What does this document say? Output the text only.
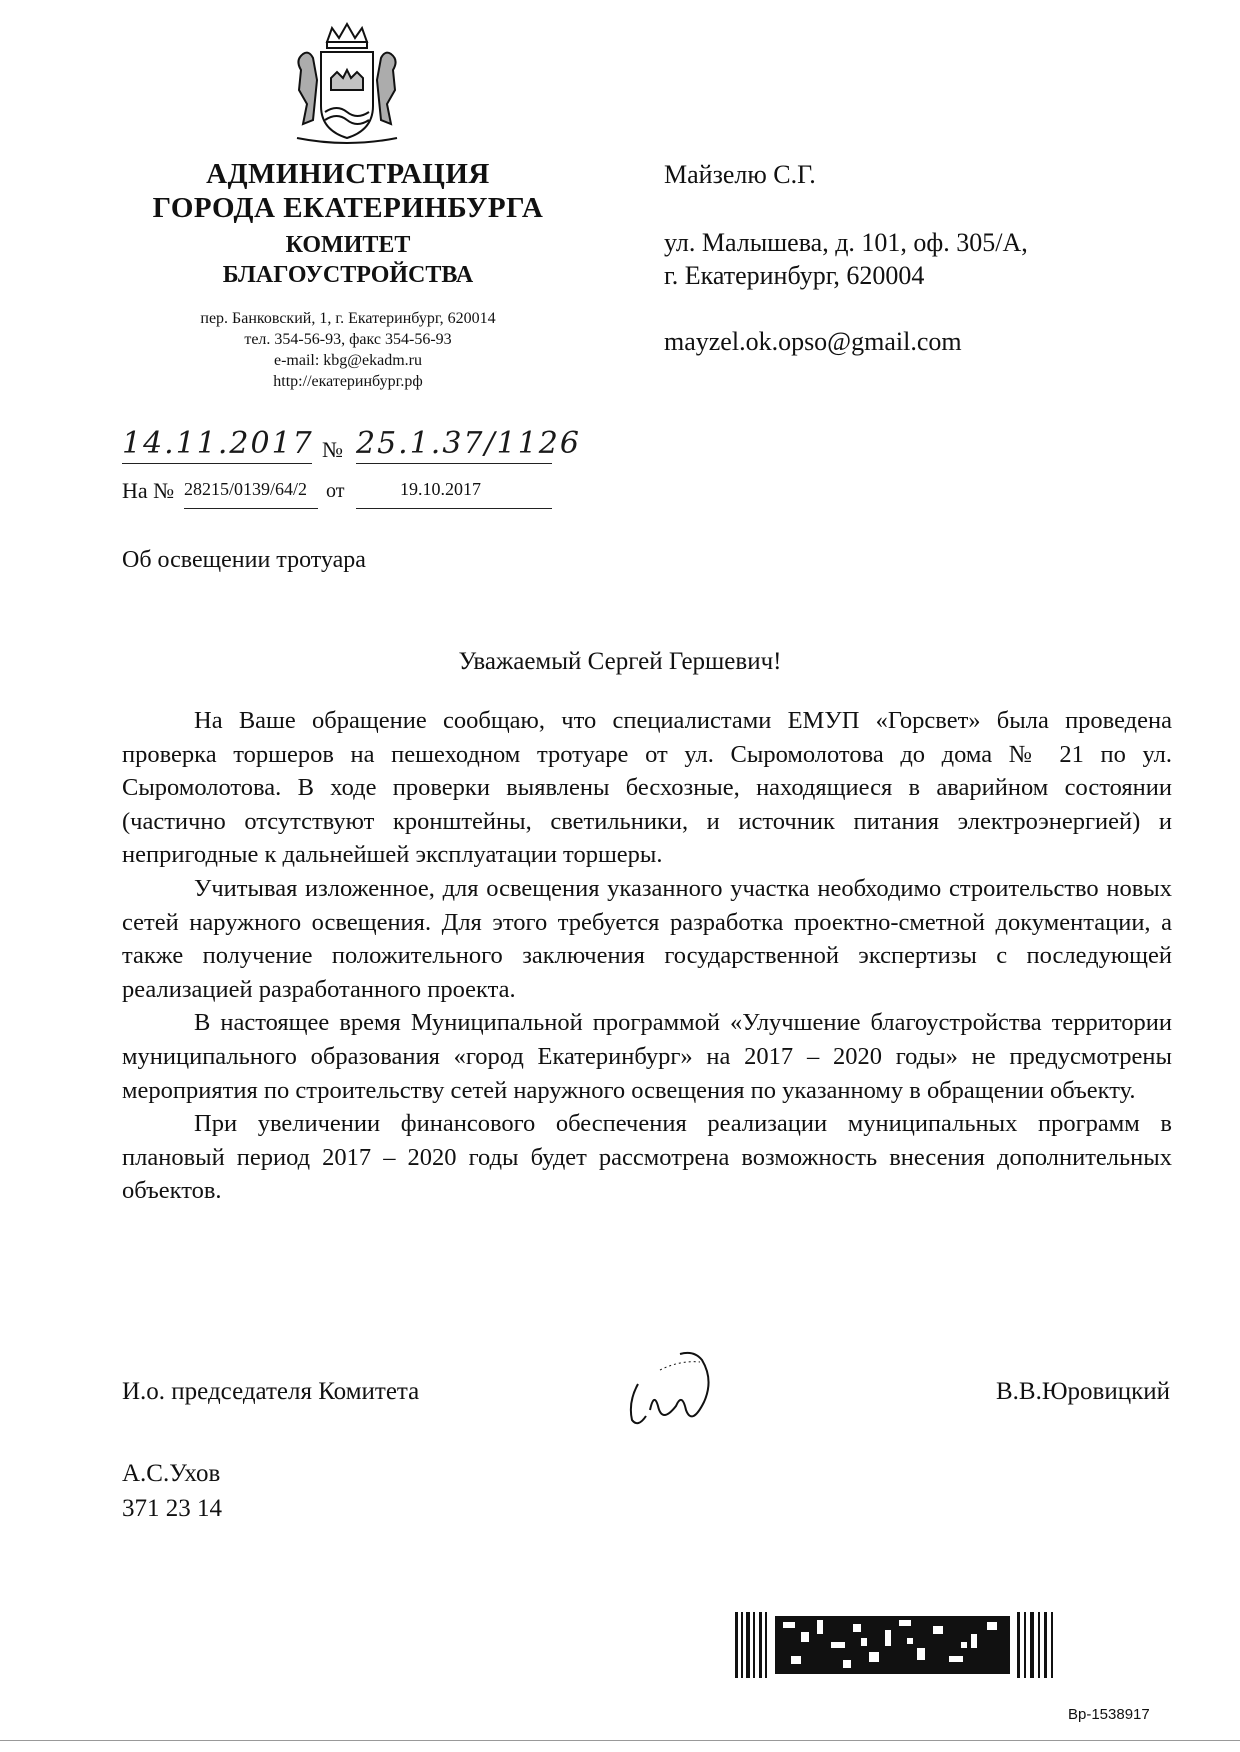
АДМИНИСТРАЦИЯ
ГОРОДА ЕКАТЕРИНБУРГА
КОМИТЕТ
БЛАГОУСТРОЙСТВА
пер. Банковский, 1, г. Екатеринбург, 620014
тел. 354-56-93, факс 354-56-93
e-mail: kbg@ekadm.ru
http://екатеринбург.рф
14.11.2017 № 25.1.37/1126
На № 28215/0139/64/2 от	19.10.2017
Майзелю С.Г.
ул. Малышева, д. 101, оф. 305/А,
г. Екатеринбург, 620004
mayzel.ok.opso@gmail.com
Об освещении тротуара
Уважаемый Сергей Гершевич!

На Ваше обращение сообщаю, что специалистами ЕМУП «Горсвет» была проведена проверка торшеров на пешеходном тротуаре от ул. Сыромолотова до дома № 21 по ул. Сыромолотова. В ходе проверки выявлены бесхозные, находящиеся в аварийном состоянии (частично отсутствуют кронштейны, светильники, и источник питания электроэнергией) и непригодные к дальнейшей эксплуатации торшеры.

Учитывая изложенное, для освещения указанного участка необходимо строительство новых сетей наружного освещения. Для этого требуется разработка проектно-сметной документации, а также получение положительного заключения государственной экспертизы с последующей реализацией разработанного проекта.

В настоящее время Муниципальной программой «Улучшение благоустройства территории муниципального образования «город Екатеринбург» на 2017 – 2020 годы» не предусмотрены мероприятия по строительству сетей наружного освещения по указанному в обращении объекту.

При увеличении финансового обеспечения реализации муниципальных программ в плановый период 2017 – 2020 годы будет рассмотрена возможность внесения дополнительных объектов.

И.о. председателя Комитета	В.В.Юровицкий
А.С.Ухов
371 23 14
Вр-1538917
